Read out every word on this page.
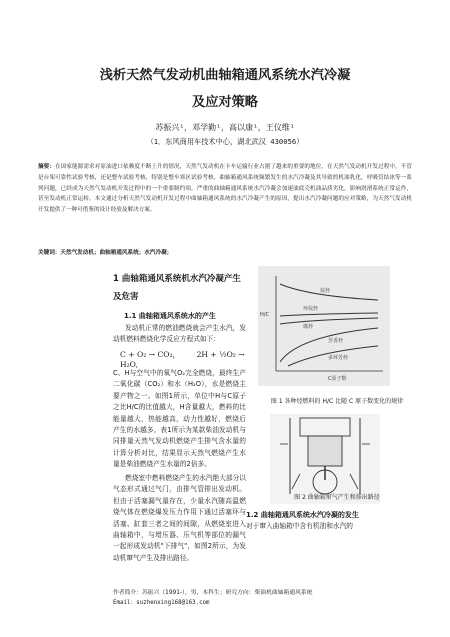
浅析天然气发动机曲轴箱通风系统水汽冷凝
及应对策略
苏振兴¹，邓学勤¹，高以康¹，王仪维¹
（1．东风商用车技术中心，湖北武汉 430056）
摘要：在国家能源需求对原油进口依赖度不断上升的情况，天然气发动机在卡车运输行业占据了越来的重要的地位，在天然气发动机开发过程中，不管是台架可靠性试验考核，还是整车试验考核，特别是整车寒区试验考核，曲轴箱通风系统频繁发生的水汽冷凝及其导致的机油乳化，呼吸管结冰等一系列问题，已经成为天然气发动机开发过程中的一个重要制约项。严重的曲轴箱通风系统水汽冷凝会加速油底壳机油品质劣化，影响润滑系统正常运作，甚至发动机正常运转。本文通过分析天然气发动机开发过程中曲轴箱通风系统的水汽冷凝产生的原因，提出水汽冷凝问题的应对策略，为天然气发动机开发提供了一种可借鉴的设计经验及解决方案。
关键词：天然气发动机；曲轴箱通风系统；水汽冷凝；
1 曲轴箱通风系统机水汽冷凝产生及危害
1.1 曲轴箱通风系统水的产生
发动机正常的燃油燃烧就会产生水汽，发动机燃料燃烧化学反应方程式如下：
C + O₂ → CO₂， 2H + ½O₂ → H₂O,
C、H与空气中的氧气O₂完全燃烧，最终生产二氧化碳（CO₂）和水（H₂O），水是燃烧主要产物之一。如图1所示，单位中H与C原子之比H/C的比值越大，H含量越大，燃料的比能量越大，热能越高，动力性越好，燃烧后产生的水越多。表1所示为某款柴油发动机与同排量天然气发动机燃烧产生排气含水量的计算分析对比，结果显示天然气燃烧产生水量是柴油燃烧产生水量的2倍多。
燃烧室中燃料燃烧产生的水汽绝大部分以气态形式通过气门，由排气管排出发动机。但由于活塞漏气量存在，少量水汽随高温燃烧气体在燃烧爆发压力作用下通过活塞环与活塞、缸套三者之间的间隙，从燃烧室进入曲轴箱中，与增压器、压气机等部位的漏气一起形成发动机"下排气"，如图2所示，为发动机窜气产生及排出路径。
H/C
C原子数
烷烃
环烷烃
烯烃
芳香烃
多环芳烃
图 1 各种烃燃料的 H/C 比随 C 原子数变化的规律
图 2 曲轴箱窜气产生和排出路径
1.2 曲轴箱通风系统水汽冷凝的发生
对于窜入曲轴箱中含有机油和水汽的
作者简介：苏振兴（1991-），男，本科生；研究方向：柴油机曲轴箱通风系统
Email：suzhenxing168@163.com
